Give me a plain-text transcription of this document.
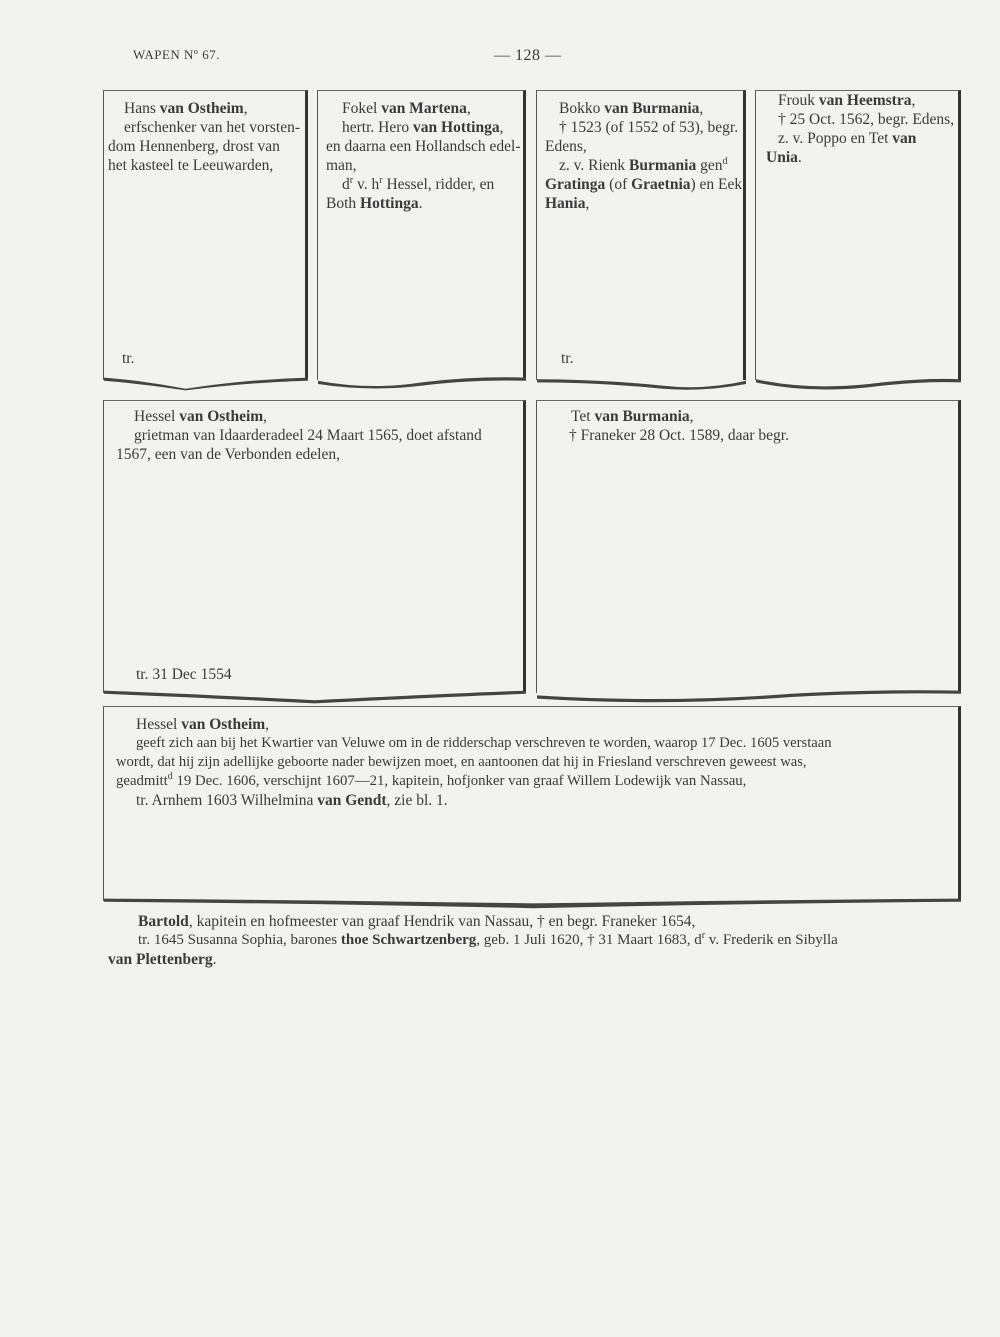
WAPEN Nº 67.	— 128 —

Hans van Ostheim,

erfschenker van het vorsten-

dom Hennenberg, drost van

het kasteel te Leeuwarden,

tr.

Fokel van Martena,

hertr. Hero van Hottinga,

en daarna een Hollandsch edel-

man,

$d^r$ v. $h^r$ Hessel, ridder, en

Both Hottinga.

Bokko van Burmania,

† 1523 (of 1552 of 53), begr.

Edens,

z. v. Rienk Burmania gen$^d$

Gratinga (of Graetnia) en Eek

Hania,

tr.

Frouk van Heemstra,

† 25 Oct. 1562, begr. Edens,

z. v. Poppo en Tet van

Unia.

Hessel van Ostheim,

grietman van Idaarderadeel 24 Maart 1565, doet afstand

1567, een van de Verbonden edelen,

tr. 31 Dec 1554

Tet van Burmania,

† Franeker 28 Oct. 1589, daar begr.

Hessel van Ostheim,

geeft zich aan bij het Kwartier van Veluwe om in de ridderschap verschreven te worden, waarop 17 Dec. 1605 verstaan

wordt, dat hij zijn adellijke geboorte nader bewijzen moet, en aantoonen dat hij in Friesland verschreven geweest was,

geadmitt$^d$ 19 Dec. 1606, verschijnt 1607—21, kapitein, hofjonker van graaf Willem Lodewijk van Nassau,

tr. Arnhem 1603 Wilhelmina van Gendt, zie bl. 1.

Bartold, kapitein en hofmeester van graaf Hendrik van Nassau, † en begr. Franeker 1654,

tr. 1645 Susanna Sophia, barones thoe Schwartzenberg, geb. 1 Juli 1620, † 31 Maart 1683, $d^r$ v. Frederik en Sibylla

van Plettenberg.
